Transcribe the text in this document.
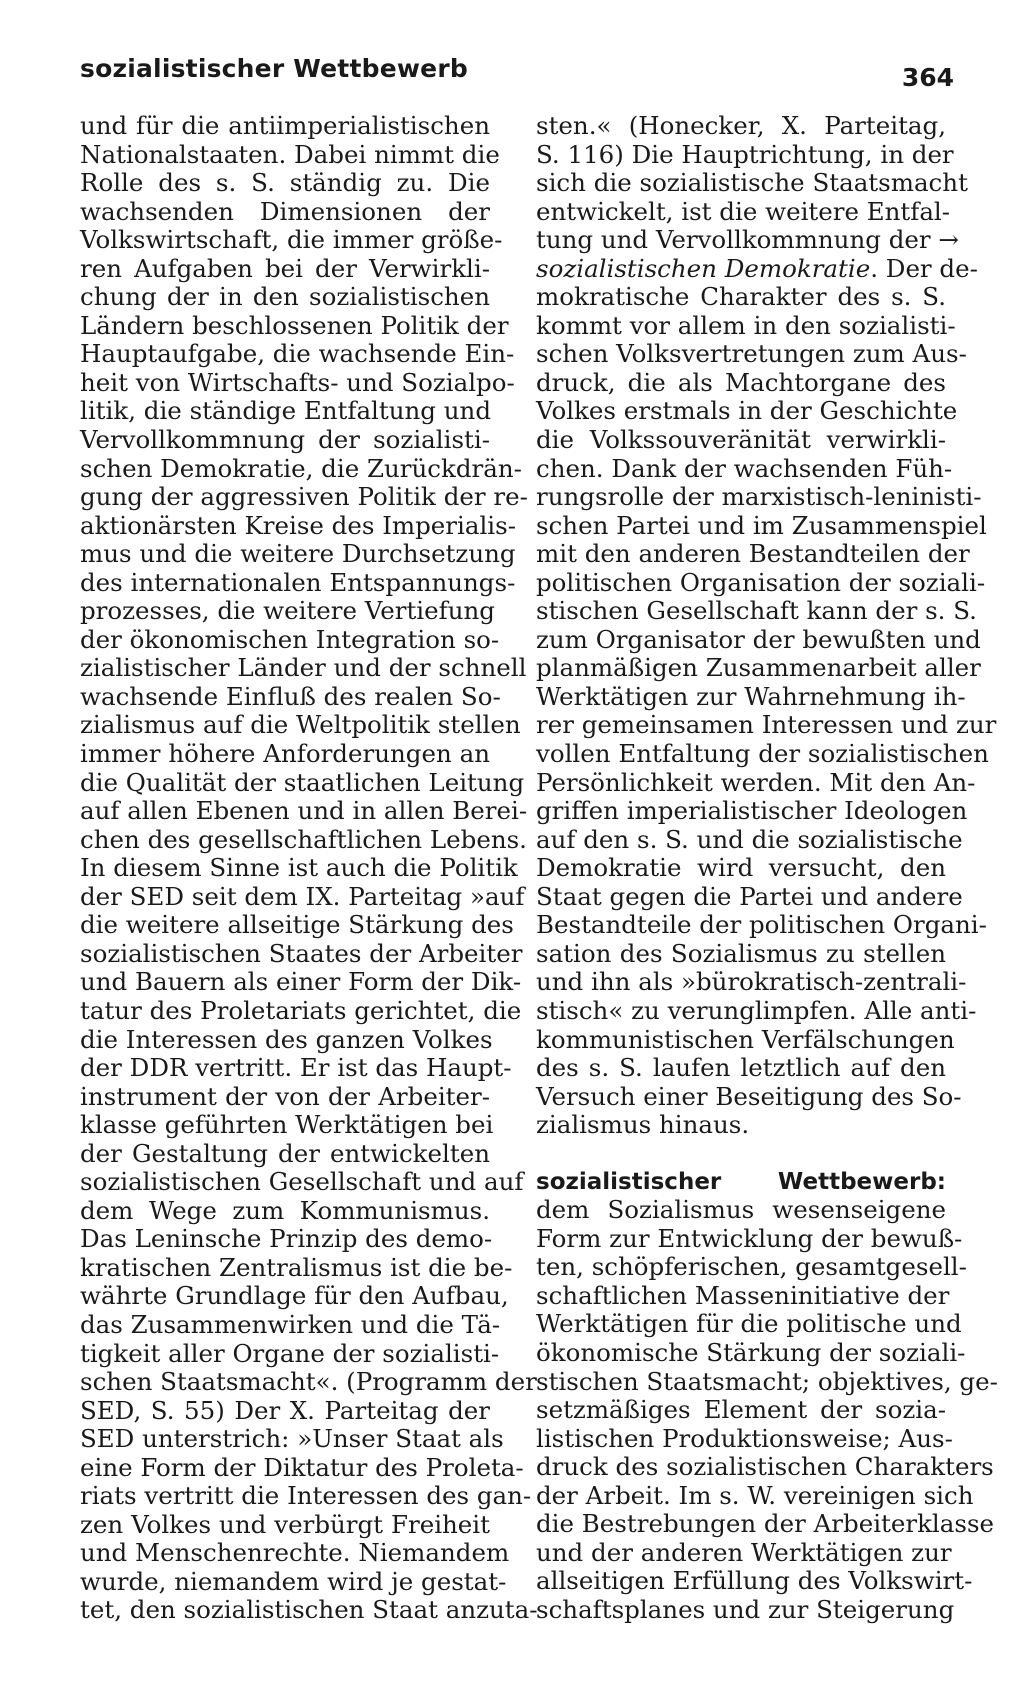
sozialistischer Wettbewerb	364
und für die antiimperialistischen
Nationalstaaten. Dabei nimmt die
Rolle des s. S. ständig zu. Die
wachsenden Dimensionen der
Volkswirtschaft, die immer größe-
ren Aufgaben bei der Verwirkli-
chung der in den sozialistischen
Ländern beschlossenen Politik der
Hauptaufgabe, die wachsende Ein-
heit von Wirtschafts- und Sozialpo-
litik, die ständige Entfaltung und
Vervollkommnung der sozialisti-
schen Demokratie, die Zurückdrän-
gung der aggressiven Politik der re-
aktionärsten Kreise des Imperialis-
mus und die weitere Durchsetzung
des internationalen Entspannungs-
prozesses, die weitere Vertiefung
der ökonomischen Integration so-
zialistischer Länder und der schnell
wachsende Einfluß des realen So-
zialismus auf die Weltpolitik stellen
immer höhere Anforderungen an
die Qualität der staatlichen Leitung
auf allen Ebenen und in allen Berei-
chen des gesellschaftlichen Lebens.
In diesem Sinne ist auch die Politik
der SED seit dem IX. Parteitag »auf
die weitere allseitige Stärkung des
sozialistischen Staates der Arbeiter
und Bauern als einer Form der Dik-
tatur des Proletariats gerichtet, die
die Interessen des ganzen Volkes
der DDR vertritt. Er ist das Haupt-
instrument der von der Arbeiter-
klasse geführten Werktätigen bei
der Gestaltung der entwickelten
sozialistischen Gesellschaft und auf
dem Wege zum Kommunismus.
Das Leninsche Prinzip des demo-
kratischen Zentralismus ist die be-
währte Grundlage für den Aufbau,
das Zusammenwirken und die Tä-
tigkeit aller Organe der sozialisti-
schen Staatsmacht«. (Programm der
SED, S. 55) Der X. Parteitag der
SED unterstrich: »Unser Staat als
eine Form der Diktatur des Proleta-
riats vertritt die Interessen des gan-
zen Volkes und verbürgt Freiheit
und Menschenrechte. Niemandem
wurde, niemandem wird je gestat-
tet, den sozialistischen Staat anzuta-
sten.« (Honecker, X. Parteitag,
S. 116) Die Hauptrichtung, in der
sich die sozialistische Staatsmacht
entwickelt, ist die weitere Entfal-
tung und Vervollkommnung der →
sozialistischen Demokratie. Der de-
mokratische Charakter des s. S.
kommt vor allem in den sozialisti-
schen Volksvertretungen zum Aus-
druck, die als Machtorgane des
Volkes erstmals in der Geschichte
die Volkssouveränität verwirkli-
chen. Dank der wachsenden Füh-
rungsrolle der marxistisch-leninisti-
schen Partei und im Zusammenspiel
mit den anderen Bestandteilen der
politischen Organisation der soziali-
stischen Gesellschaft kann der s. S.
zum Organisator der bewußten und
planmäßigen Zusammenarbeit aller
Werktätigen zur Wahrnehmung ih-
rer gemeinsamen Interessen und zur
vollen Entfaltung der sozialistischen
Persönlichkeit werden. Mit den An-
griffen imperialistischer Ideologen
auf den s. S. und die sozialistische
Demokratie wird versucht, den
Staat gegen die Partei und andere
Bestandteile der politischen Organi-
sation des Sozialismus zu stellen
und ihn als »bürokratisch-zentrali-
stisch« zu verunglimpfen. Alle anti-
kommunistischen Verfälschungen
des s. S. laufen letztlich auf den
Versuch einer Beseitigung des So-
zialismus hinaus.
sozialistischer Wettbewerb:
dem Sozialismus wesenseigene
Form zur Entwicklung der bewuß-
ten, schöpferischen, gesamtgesell-
schaftlichen Masseninitiative der
Werktätigen für die politische und
ökonomische Stärkung der soziali-
stischen Staatsmacht; objektives, ge-
setzmäßiges Element der sozia-
listischen Produktionsweise; Aus-
druck des sozialistischen Charakters
der Arbeit. Im s. W. vereinigen sich
die Bestrebungen der Arbeiterklasse
und der anderen Werktätigen zur
allseitigen Erfüllung des Volkswirt-
schaftsplanes und zur Steigerung
